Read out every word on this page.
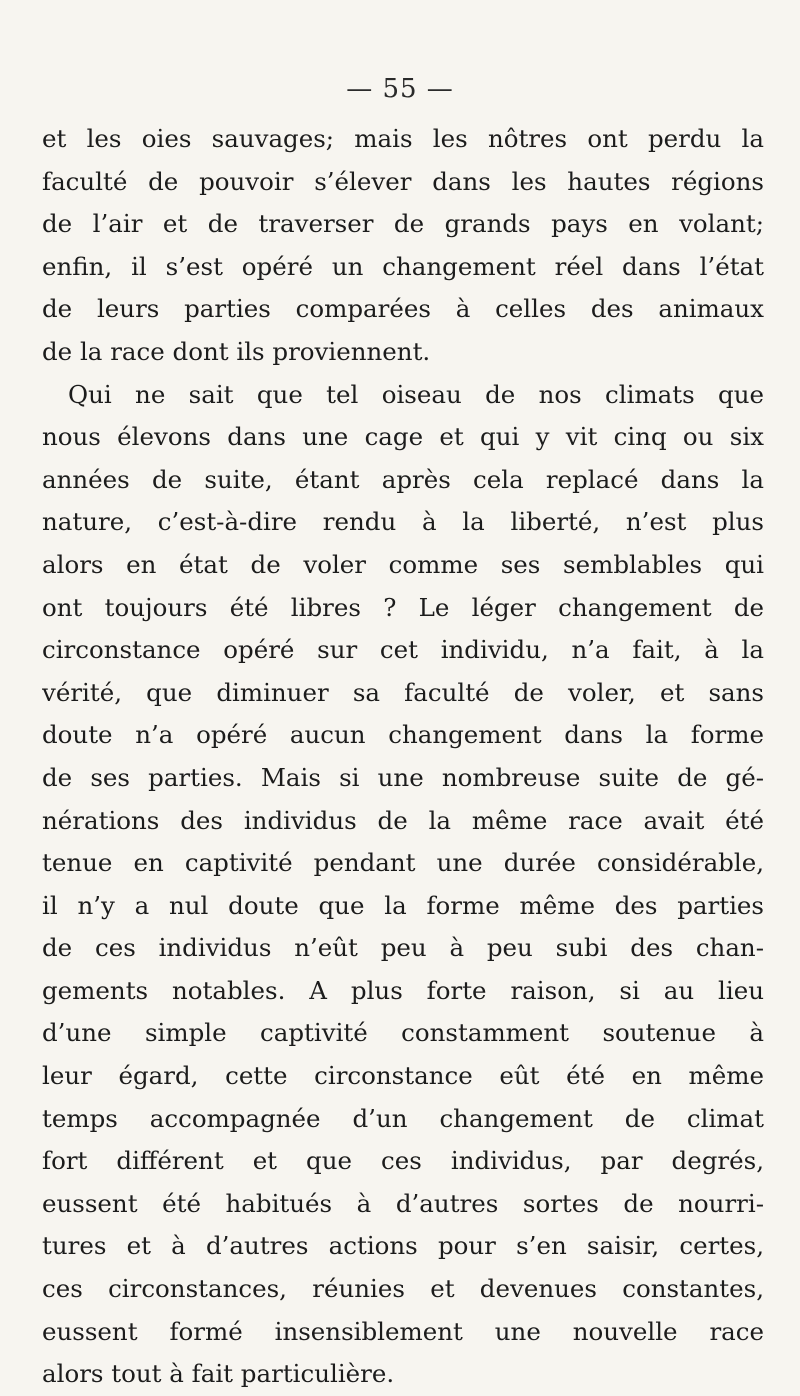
— 55 —
et les oies sauvages; mais les nôtres ont perdu la
faculté de pouvoir s’élever dans les hautes régions
de l’air et de traverser de grands pays en volant;
enfin, il s’est opéré un changement réel dans l’état
de leurs parties comparées à celles des animaux
de la race dont ils proviennent.
Qui ne sait que tel oiseau de nos climats que
nous élevons dans une cage et qui y vit cinq ou six
années de suite, étant après cela replacé dans la
nature, c’est-à-dire rendu à la liberté, n’est plus
alors en état de voler comme ses semblables qui
ont toujours été libres ? Le léger changement de
circonstance opéré sur cet individu, n’a fait, à la
vérité, que diminuer sa faculté de voler, et sans
doute n’a opéré aucun changement dans la forme
de ses parties. Mais si une nombreuse suite de gé-
nérations des individus de la même race avait été
tenue en captivité pendant une durée considérable,
il n’y a nul doute que la forme même des parties
de ces individus n’eût peu à peu subi des chan-
gements notables. A plus forte raison, si au lieu
d’une simple captivité constamment soutenue à
leur égard, cette circonstance eût été en même
temps accompagnée d’un changement de climat
fort différent et que ces individus, par degrés,
eussent été habitués à d’autres sortes de nourri-
tures et à d’autres actions pour s’en saisir, certes,
ces circonstances, réunies et devenues constantes,
eussent formé insensiblement une nouvelle race
alors tout à fait particulière.
